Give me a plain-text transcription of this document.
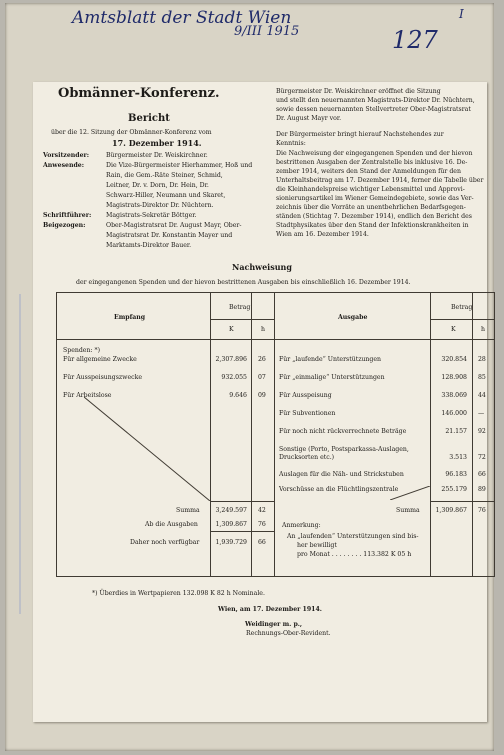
Amtsblatt der Stadt Wien
9/III 1915	127
I
Obmänner-Konferenz.
Bericht
über die 12. Sitzung der Obmänner-Konferenz vom
17. Dezember 1914.
Vorsitzender:	Bürgermeister Dr. Weiskirchner.
Anwesende:	Die Vize-Bürgermeister Hierhammer, Hoß und
Rain, die Gem.-Räte Steiner, Schmid,
Leitner, Dr. v. Dorn, Dr. Hein, Dr.
Schwarz-Hiller, Neumann und Skaret,
Magistrats-Direktor Dr. Nüchtern.
Schriftführer: Magistrats-Sekretär Böttger.
Beigezogen:	Ober-Magistratsrat Dr. August Mayr, Ober-
Magistratsrat Dr. Konstantin Mayer und
Marktamts-Direktor Bauer.
Bürgermeister Dr. Weiskirchner eröffnet die Sitzung
und stellt den neuernannten Magistrats-Direktor Dr. Nüchtern,
sowie dessen neuernannten Stellvertreter Ober-Magistratsrat
Dr. August Mayr vor.
Der Bürgermeister bringt hierauf Nachstehendes zur
Kenntnis:
Die Nachweisung der eingegangenen Spenden und der hievon
bestrittenen Ausgaben der Zentralstelle bis inklusive 16. De-
zember 1914, weiters den Stand der Anmeldungen für den
Unterhaltsbeitrag am 17. Dezember 1914, ferner die Tabelle über
die Kleinhandelspreise wichtiger Lebensmittel und Approvi-
sionierungsartikel im Wiener Gemeindegebiete, sowie das Ver-
zeichnis über die Vorräte an unentbehrlichen Bedarfsgegen-
ständen (Stichtag 7. Dezember 1914), endlich den Bericht des
Stadtphysikates über den Stand der Infektionskrankheiten in
Wien am 16. Dezember 1914.
Nachweisung
der eingegangenen Spenden und der hievon bestrittenen Ausgaben bis einschließlich 16. Dezember 1914.
Empfang
Betrag
K	h
Ausgabe
Betrag
K	h
Spenden: *)
Für allgemeine Zwecke	2,307.896 26
Für Ausspeisungszwecke	932.055 07
Für Arbeitslose	9.646 09
Für „laufende“ Unterstützungen	320.854 28
Für „einmalige“ Unterstützungen	128.908 85
Für Ausspeisung	338.069 44
Für Subventionen	146.000 —
Für noch nicht rückverrechnete Beträge	21.157 92
Sonstige (Porto, Postsparkassa-Auslagen, Drucksorten etc.)	3.513 72
Auslagen für die Näh- und Strickstuben	96.183 66
Vorschüsse an die Flüchtlingszentrale	255.179 89
Summa	3,249.597 42
Ab die Ausgaben	1,309.867 76
Daher noch verfügbar	1,939.729 66
Summa	1,309.867 76
Anmerkung:
An „laufenden“ Unterstützungen sind bis-
her bewilligt
pro Monat . . . . . . . . 113.382 K 05 h
*) Überdies in Wertpapieren 132.098 K 82 h Nominale.
Wien, am 17. Dezember 1914.
Weidinger m. p.,
Rechnungs-Ober-Revident.
